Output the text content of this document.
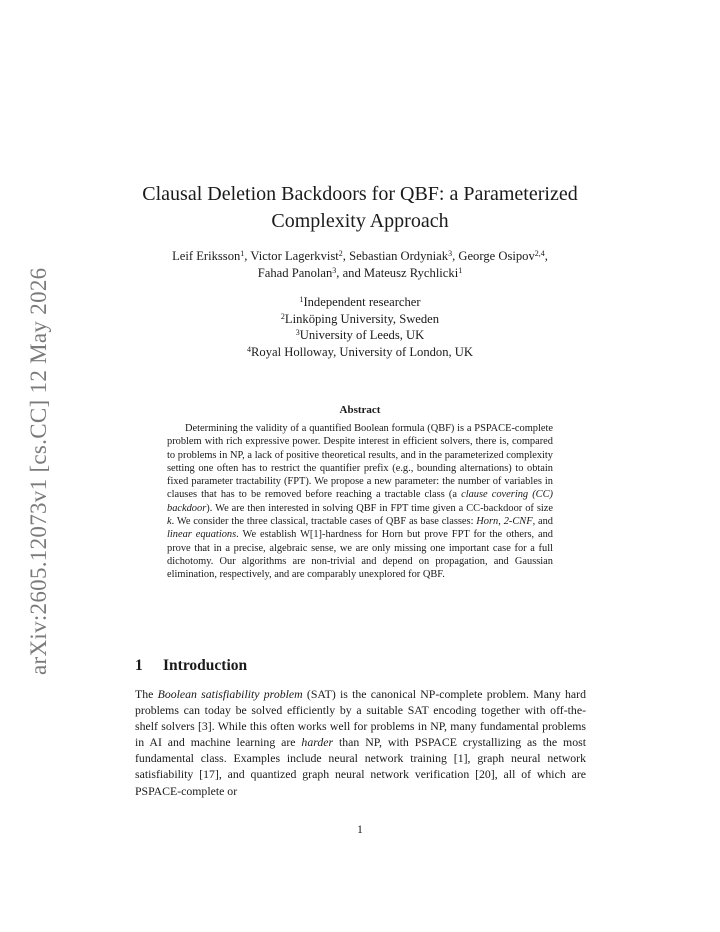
arXiv:2605.12073v1 [cs.CC] 12 May 2026
Clausal Deletion Backdoors for QBF: a Parameterized
Complexity Approach
Leif Eriksson$^1$, Victor Lagerkvist$^2$, Sebastian Ordyniak$^3$, George Osipov$^{2,4}$,
Fahad Panolan$^3$, and Mateusz Rychlicki$^1$
$^1$Independent researcher
$^2$Linköping University, Sweden
$^3$University of Leeds, UK
$^4$Royal Holloway, University of London, UK
Abstract
Determining the validity of a quantified Boolean formula (QBF) is a PSPACE-complete problem with rich expressive power. Despite interest in efficient solvers, there is, compared to problems in NP, a lack of positive theoretical results, and in the parameterized complexity setting one often has to restrict the quantifier prefix (e.g., bounding alternations) to obtain fixed parameter tractability (FPT). We propose a new parameter: the number of variables in clauses that has to be removed before reaching a tractable class (a clause covering (CC) backdoor). We are then interested in solving QBF in FPT time given a CC-backdoor of size k. We consider the three classical, tractable cases of QBF as base classes: Horn, 2-CNF, and linear equations. We establish W[1]-hardness for Horn but prove FPT for the others, and prove that in a precise, algebraic sense, we are only missing one important case for a full dichotomy. Our algorithms are non-trivial and depend on propagation, and Gaussian elimination, respectively, and are comparably unexplored for QBF.
1 Introduction
The Boolean satisfiability problem (SAT) is the canonical NP-complete problem. Many hard problems can today be solved efficiently by a suitable SAT encoding together with off-the-shelf solvers [3]. While this often works well for problems in NP, many fundamental problems in AI and machine learning are harder than NP, with PSPACE crystallizing as the most fundamental class. Examples include neural network training [1], graph neural network satisfiability [17], and quantized graph neural network verification [20], all of which are PSPACE-complete or
1
